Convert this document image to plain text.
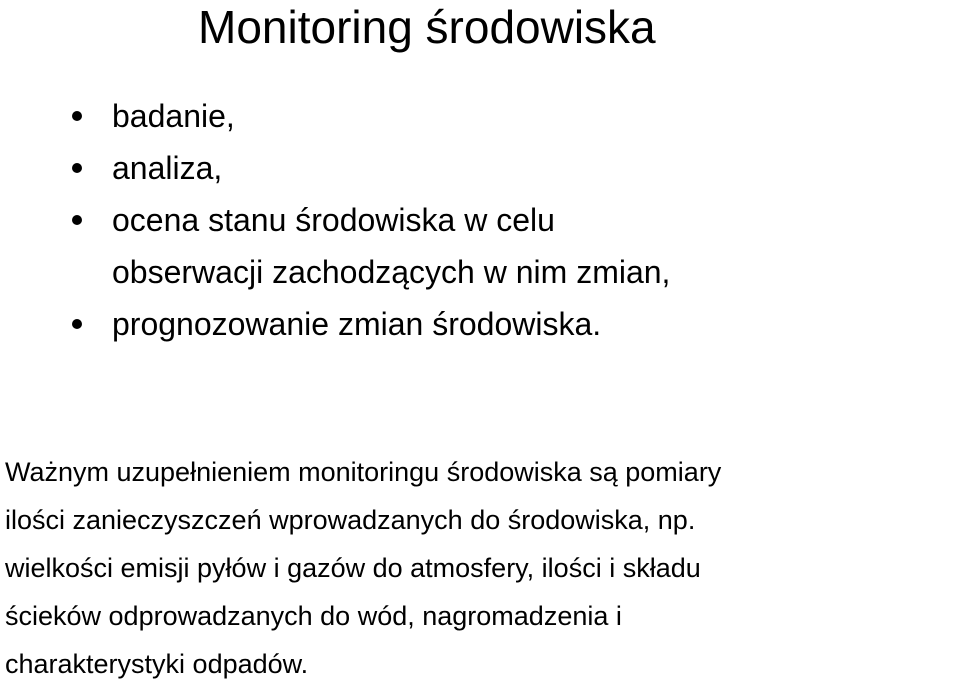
Monitoring środowiska
badanie,
analiza,
ocena stanu środowiska w celu
obserwacji zachodzących w nim zmian,
prognozowanie zmian środowiska.

Ważnym uzupełnieniem monitoringu środowiska są pomiary
ilości zanieczyszczeń wprowadzanych do środowiska, np.
wielkości emisji pyłów i gazów do atmosfery, ilości i składu
ścieków odprowadzanych do wód, nagromadzenia i
charakterystyki odpadów.
